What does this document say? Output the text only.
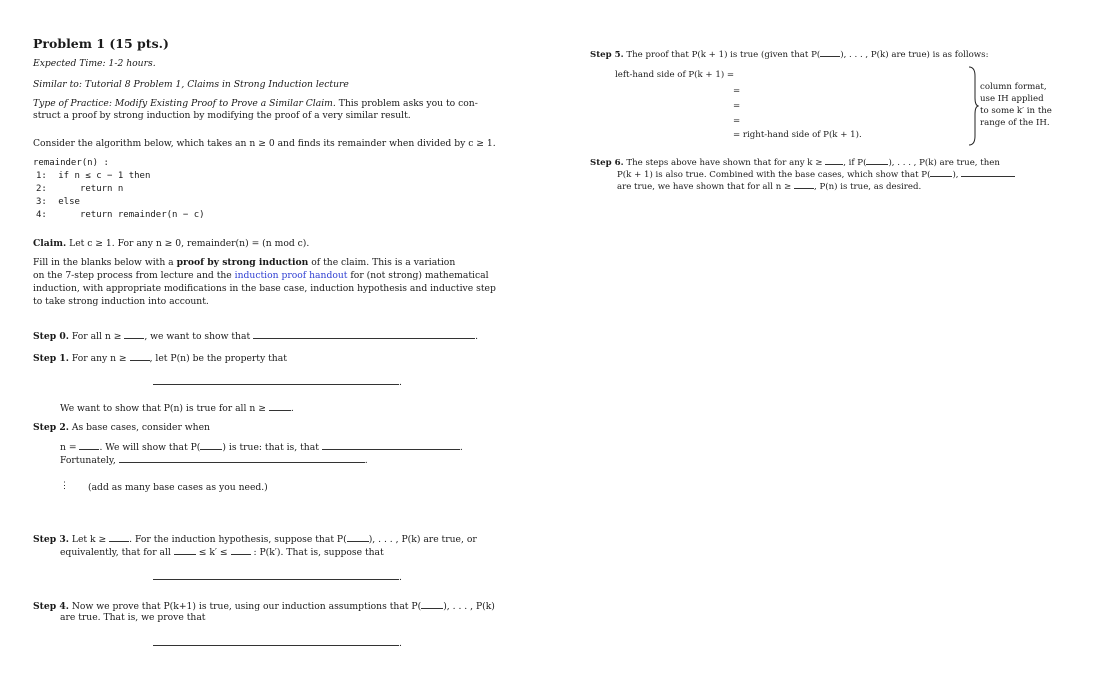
Problem 1 (15 pts.)
Expected Time: 1-2 hours.
Similar to: Tutorial 8 Problem 1, Claims in Strong Induction lecture
Type of Practice: Modify Existing Proof to Prove a Similar Claim. This problem asks you to con-
struct a proof by strong induction by modifying the proof of a very similar result.
Consider the algorithm below, which takes an n ≥ 0 and finds its remainder when divided by c ≥ 1.
remainder(n) :
1: if n ≤ c − 1 then
2:     return n
3: else
4:     return remainder(n − c)
Claim. Let c ≥ 1. For any n ≥ 0, remainder(n) = (n mod c).
Fill in the blanks below with a proof by strong induction of the claim. This is a variation
on the 7-step process from lecture and the induction proof handout for (not strong) mathematical
induction, with appropriate modifications in the base case, induction hypothesis and inductive step
to take strong induction into account.
Step 0. For all n ≥ , we want to show that	.
Step 1. For any n ≥ , let P(n) be the property that
.
We want to show that P(n) is true for all n ≥ .
Step 2. As base cases, consider when
n = . We will show that P( ) is true: that is, that	.
Fortunately,	.
⋮ (add as many base cases as you need.)
Step 3. Let k ≥ . For the induction hypothesis, suppose that P( ), . . . , P(k) are true, or
equivalently, that for all  ≤ k′ ≤  : P(k′). That is, suppose that
.
Step 4. Now we prove that P(k+1) is true, using our induction assumptions that P( ), . . . , P(k)
are true. That is, we prove that
.
Step 5. The proof that P(k + 1) is true (given that P( ), . . . , P(k) are true) is as follows:
left-hand side of P(k + 1) =
=
=
=
= right-hand side of P(k + 1).
column format,
use IH applied
to some k′ in the
range of the IH.
Step 6. The steps above have shown that for any k ≥ , if P(	), . . . , P(k) are true, then
P(k + 1) is also true. Combined with the base cases, which show that P(	),
are true, we have shown that for all n ≥ , P(n) is true, as desired.
